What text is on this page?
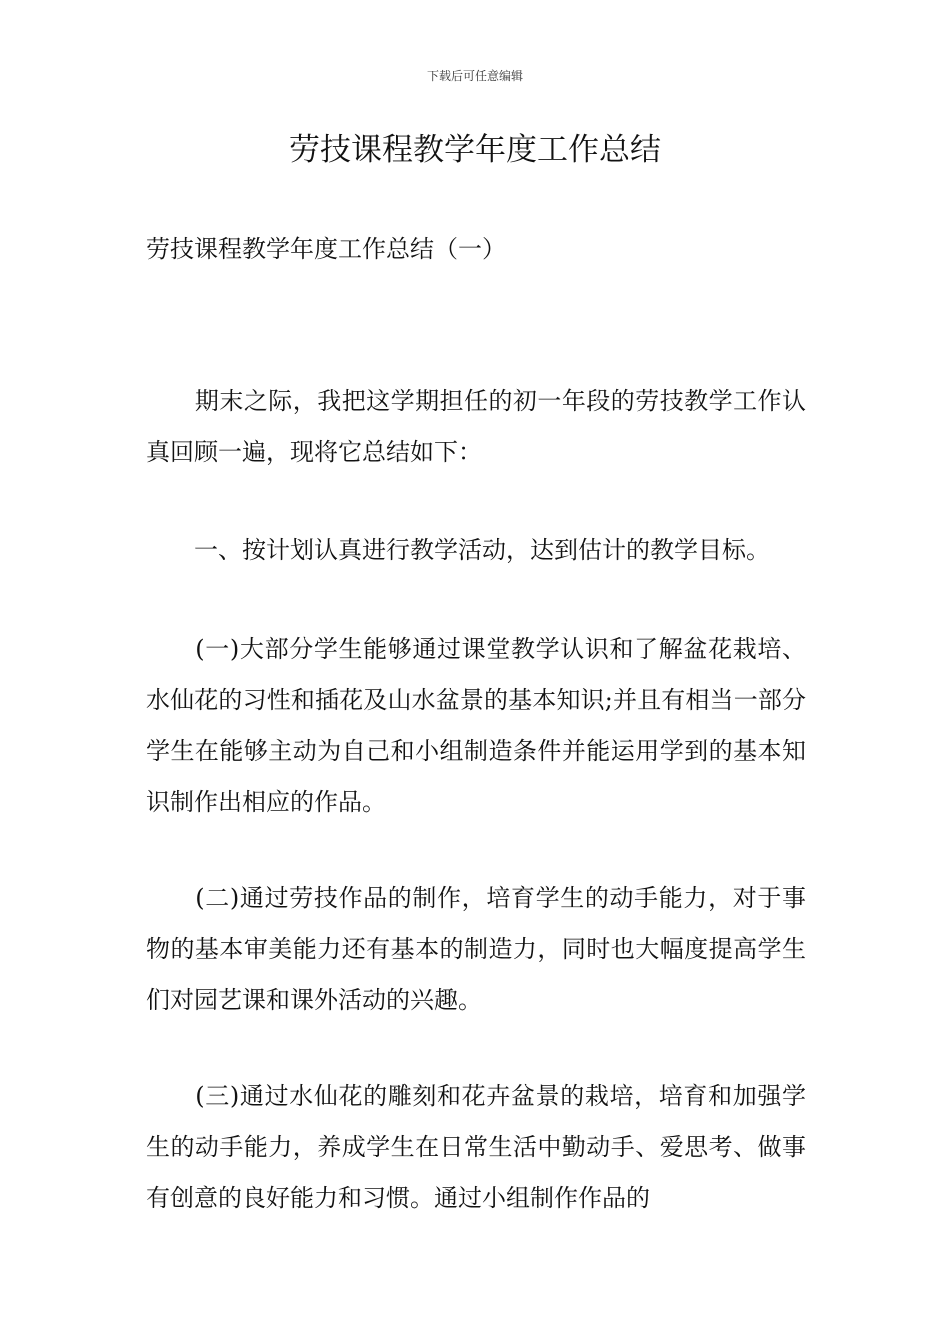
下载后可任意编辑
劳技课程教学年度工作总结

劳技课程教学年度工作总结（一）

　　期末之际，我把这学期担任的初一年段的劳技教学工作认真回顾一遍，现将它总结如下：

　　一、按计划认真进行教学活动，达到估计的教学目标。

　　(一)大部分学生能够通过课堂教学认识和了解盆花栽培、水仙花的习性和插花及山水盆景的基本知识;并且有相当一部分学生在能够主动为自己和小组制造条件并能运用学到的基本知识制作出相应的作品。

　　(二)通过劳技作品的制作，培育学生的动手能力，对于事物的基本审美能力还有基本的制造力，同时也大幅度提高学生们对园艺课和课外活动的兴趣。

　　(三)通过水仙花的雕刻和花卉盆景的栽培，培育和加强学生的动手能力，养成学生在日常生活中勤动手、爱思考、做事有创意的良好能力和习惯。通过小组制作作品的
